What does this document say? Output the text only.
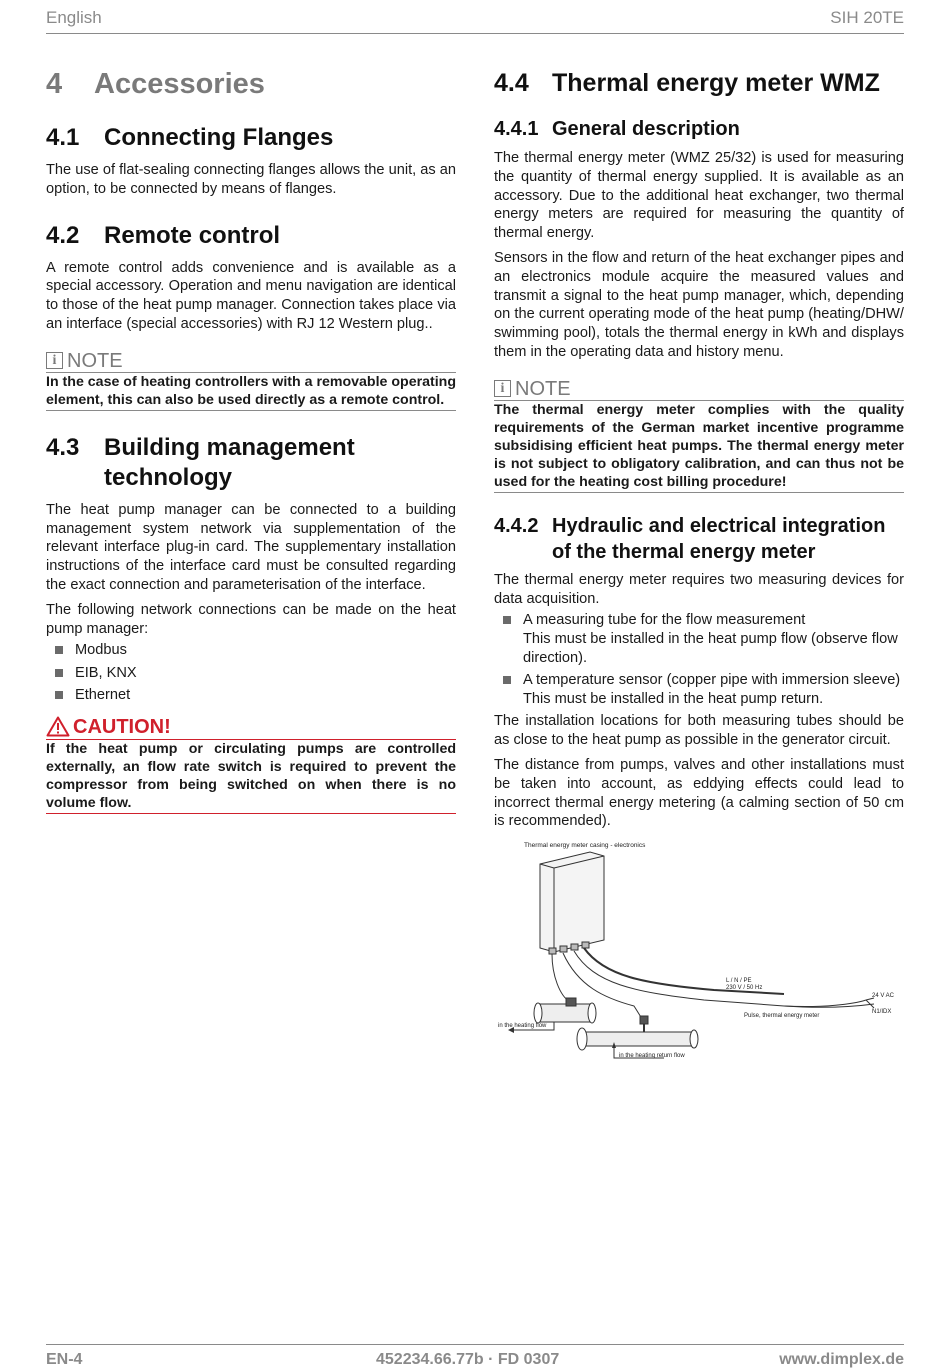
English	SIH 20TE
4	Accessories
4.1	Connecting Flanges

The use of flat-sealing connecting flanges allows the unit, as an option, to be connected by means of flanges.

4.2	Remote control

A remote control adds convenience and is available as a special accessory. Operation and menu navigation are identical to those of the heat pump manager. Connection takes place via an interface (special accessories) with RJ 12 Western plug..

i NOTE
In the case of heating controllers with a removable operating element, this can also be used directly as a remote control.
4.3	Building management technology

The heat pump manager can be connected to a building management system network via supplementation of the relevant interface plug-in card. The supplementary installation instructions of the interface card must be consulted regarding the exact connection and parameterisation of the interface.

The following network connections can be made on the heat pump manager:

Modbus
EIB, KNX
Ethernet
CAUTION!
If the heat pump or circulating pumps are controlled externally, an flow rate switch is required to prevent the compressor from being switched on when there is no volume flow.
4.4 Thermal energy meter WMZ
4.4.1 General description

The thermal energy meter (WMZ 25/32) is used for measuring the quantity of thermal energy supplied. It is available as an accessory. Due to the additional heat exchanger, two thermal energy meters are required for measuring the quantity of thermal energy.

Sensors in the flow and return of the heat exchanger pipes and an electronics module acquire the measured values and transmit a signal to the heat pump manager, which, depending on the current operating mode of the heat pump (heating/DHW/ swimming pool), totals the thermal energy in kWh and displays them in the operating data and history menu.

i NOTE
The thermal energy meter complies with the quality requirements of the German market incentive programme subsidising efficient heat pumps. The thermal energy meter is not subject to obligatory calibration, and can thus not be used for the heating cost billing procedure!
4.4.2 Hydraulic and electrical integration of the thermal energy meter

The thermal energy meter requires two measuring devices for data acquisition.

A measuring tube for the flow measurement
This must be installed in the heat pump flow (observe flow direction).
A temperature sensor (copper pipe with immersion sleeve)
This must be installed in the heat pump return.

The installation locations for both measuring tubes should be as close to the heat pump as possible in the generator circuit.

The distance from pumps, valves and other installations must be taken into account, as eddying effects could lead to incorrect thermal energy metering (a calming section of 50 cm is recommended).

Thermal energy meter casing - electronics
L / N / PE
230 V / 50 Hz
Pulse, thermal energy meter
24 V AC
N1/IDX
in the heating flow
in the heating return flow
EN-4	452234.66.77b · FD 0307	www.dimplex.de
